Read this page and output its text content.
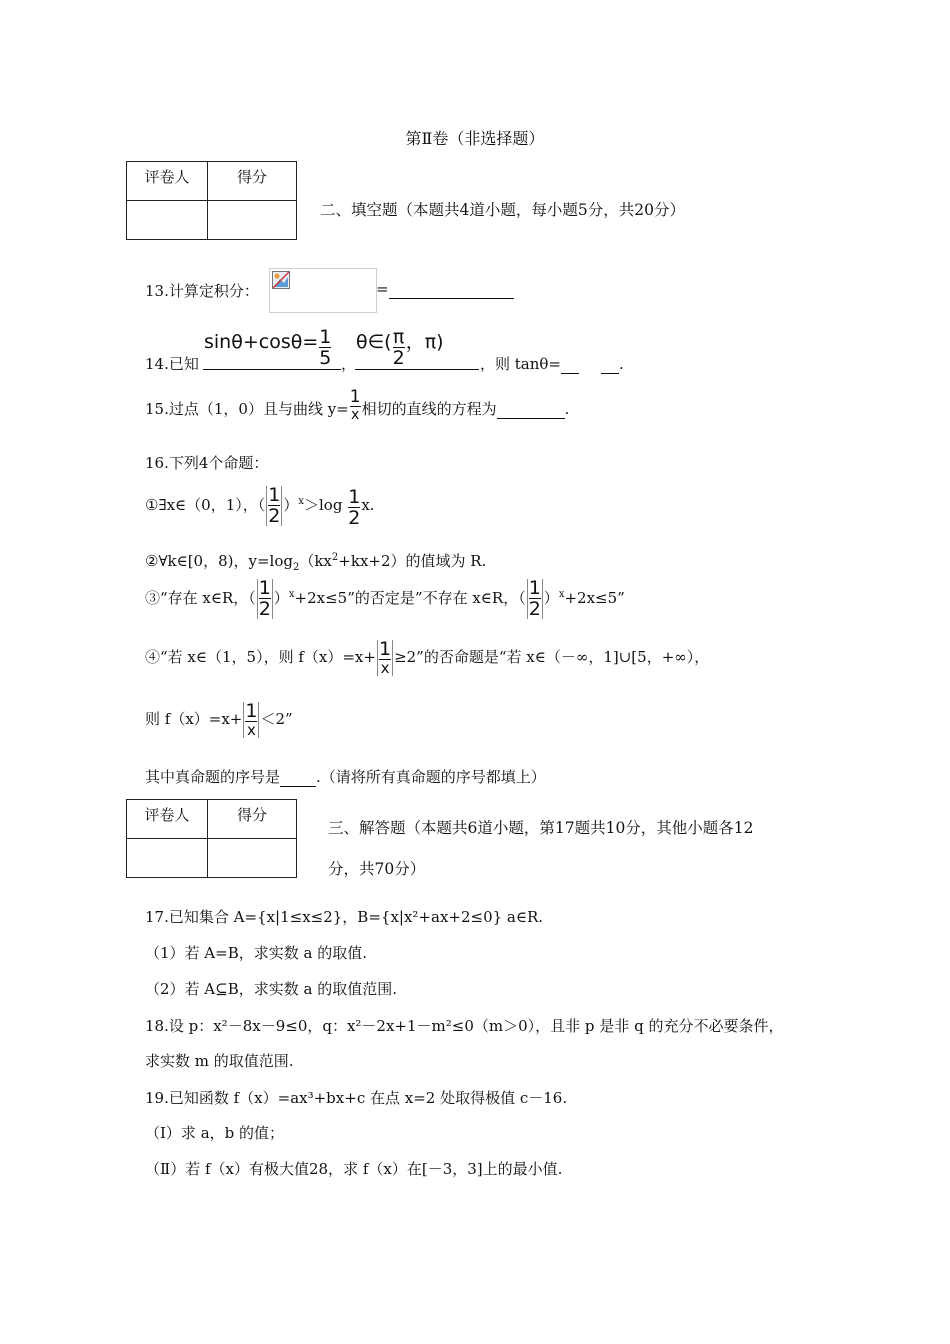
第Ⅱ卷（非选择题）
评卷人	得分

二、填空题（本题共4道小题，每小题5分，共20分）
13.计算定积分：	=
14.已知
$\sin\theta+\cos\theta= \frac{1}{5}$ ，
θ∈( $\frac{\pi}{2}$ ，π)
，则 tanθ=	.
15.过点（1，0）且与曲线 $y= \frac{1}{x}$ 相切的直线的方程为	.
16.下列4个命题：
①∃x∈（0，1），（ $\frac{1}{2} )^x>\log \frac{1}{2} x$.
②∀k∈[0，8)，$y=\log_2(kx^2+kx+2)$的值域为 R.
③“存在 x∈R，（ $\frac{1}{2} )^x+2x\le 5$”的否定是”不存在 x∈R，（ $\frac{1}{2} )^x+2x\le 5$”
④“若 x∈（1，5），则 $f(x)=x+ \frac{1}{x} \ge 2$”的否命题是“若 x∈（－∞，1]∪[5，+∞），
则 $f(x)=x+ \frac{1}{x} <2$”
其中真命题的序号是 .（请将所有真命题的序号都填上）
评卷人	得分

三、解答题（本题共6道小题，第17题共10分，其他小题各12
分，共70分）
17.已知集合 A={x|1≤x≤2}，B={x|x²+ax+2≤0} a∈R.
（1）若 A=B，求实数 a 的取值.
（2）若 A⊆B，求实数 a 的取值范围.
18.设 p：x²－8x－9≤0，q：x²－2x+1－m²≤0（m＞0），且非 p 是非 q 的充分不必要条件，
求实数 m 的取值范围.
19.已知函数 f（x）=ax³+bx+c 在点 x=2 处取得极值 c－16.
（Ⅰ）求 a，b 的值；
（Ⅱ）若 f（x）有极大值28，求 f（x）在[－3，3]上的最小值.
